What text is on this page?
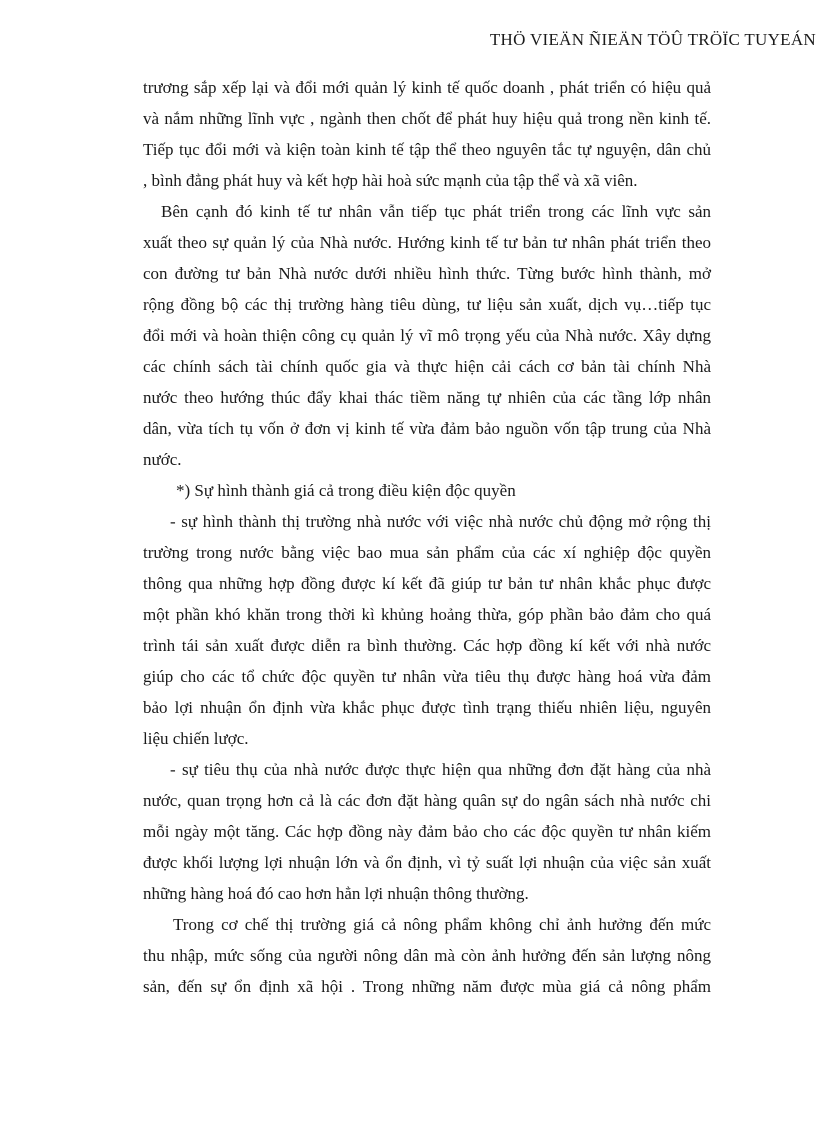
THÖ VIEÄN ÑIEÄN TÖÛ TRÖÏC TUYEÁN

trương sắp xếp lại và đổi mới quản lý kinh tế quốc doanh , phát triển có hiệu quả
và nắm những lĩnh vực , ngành then chốt để phát huy hiệu quả trong nền kinh tế.
Tiếp tục đổi mới và kiện toàn kinh tế tập thể theo nguyên tắc tự nguyện, dân chủ
, bình đẳng phát huy và kết hợp hài hoà sức mạnh của tập thể và xã viên.

Bên cạnh đó kinh tế tư nhân vẫn tiếp tục phát triển trong các lĩnh vực sản
xuất theo sự quản lý của Nhà nước. Hướng kinh tế tư bản tư nhân phát triển theo
con đường tư bản Nhà nước dưới nhiều hình thức. Từng bước hình thành, mở
rộng đồng bộ các thị trường hàng tiêu dùng, tư liệu sản xuất, dịch vụ…tiếp tục
đổi mới và hoàn thiện công cụ quản lý vĩ mô trọng yếu của Nhà nước. Xây dựng
các chính sách tài chính quốc gia và thực hiện cải cách cơ bản tài chính Nhà
nước theo hướng thúc đẩy khai thác tiềm năng tự nhiên của các tầng lớp nhân
dân, vừa tích tụ vốn ở đơn vị kinh tế vừa đảm bảo nguồn vốn tập trung của Nhà
nước.

*) Sự hình thành giá cả trong điều kiện độc quyền

- sự hình thành thị trường nhà nước với việc nhà nước chủ động mở rộng thị
trường trong nước bằng việc bao mua sản phẩm của các xí nghiệp độc quyền
thông qua những hợp đồng được kí kết đã giúp tư bản tư nhân khắc phục được
một phần khó khăn trong thời kì khủng hoảng thừa, góp phần bảo đảm cho quá
trình tái sản xuất được diễn ra bình thường. Các hợp đồng kí kết với nhà nước
giúp cho các tổ chức độc quyền tư nhân vừa tiêu thụ được hàng hoá vừa đảm
bảo lợi nhuận ổn định vừa khắc phục được tình trạng thiếu nhiên liệu, nguyên
liệu chiến lược.

- sự tiêu thụ của nhà nước được thực hiện qua những đơn đặt hàng của nhà
nước, quan trọng hơn cả là các đơn đặt hàng quân sự do ngân sách nhà nước chi
mỗi ngày một tăng. Các hợp đồng này đảm bảo cho các độc quyền tư nhân kiếm
được khối lượng lợi nhuận lớn và ổn định, vì tỷ suất lợi nhuận của việc sản xuất
những hàng hoá đó cao hơn hẳn lợi nhuận thông thường.

Trong cơ chế thị trường giá cả nông phẩm không chỉ ảnh hưởng đến mức
thu nhập, mức sống của người nông dân mà còn ảnh hưởng đến sản lượng nông
sản, đến sự ổn định xã hội . Trong những năm được mùa giá cả nông phẩm
